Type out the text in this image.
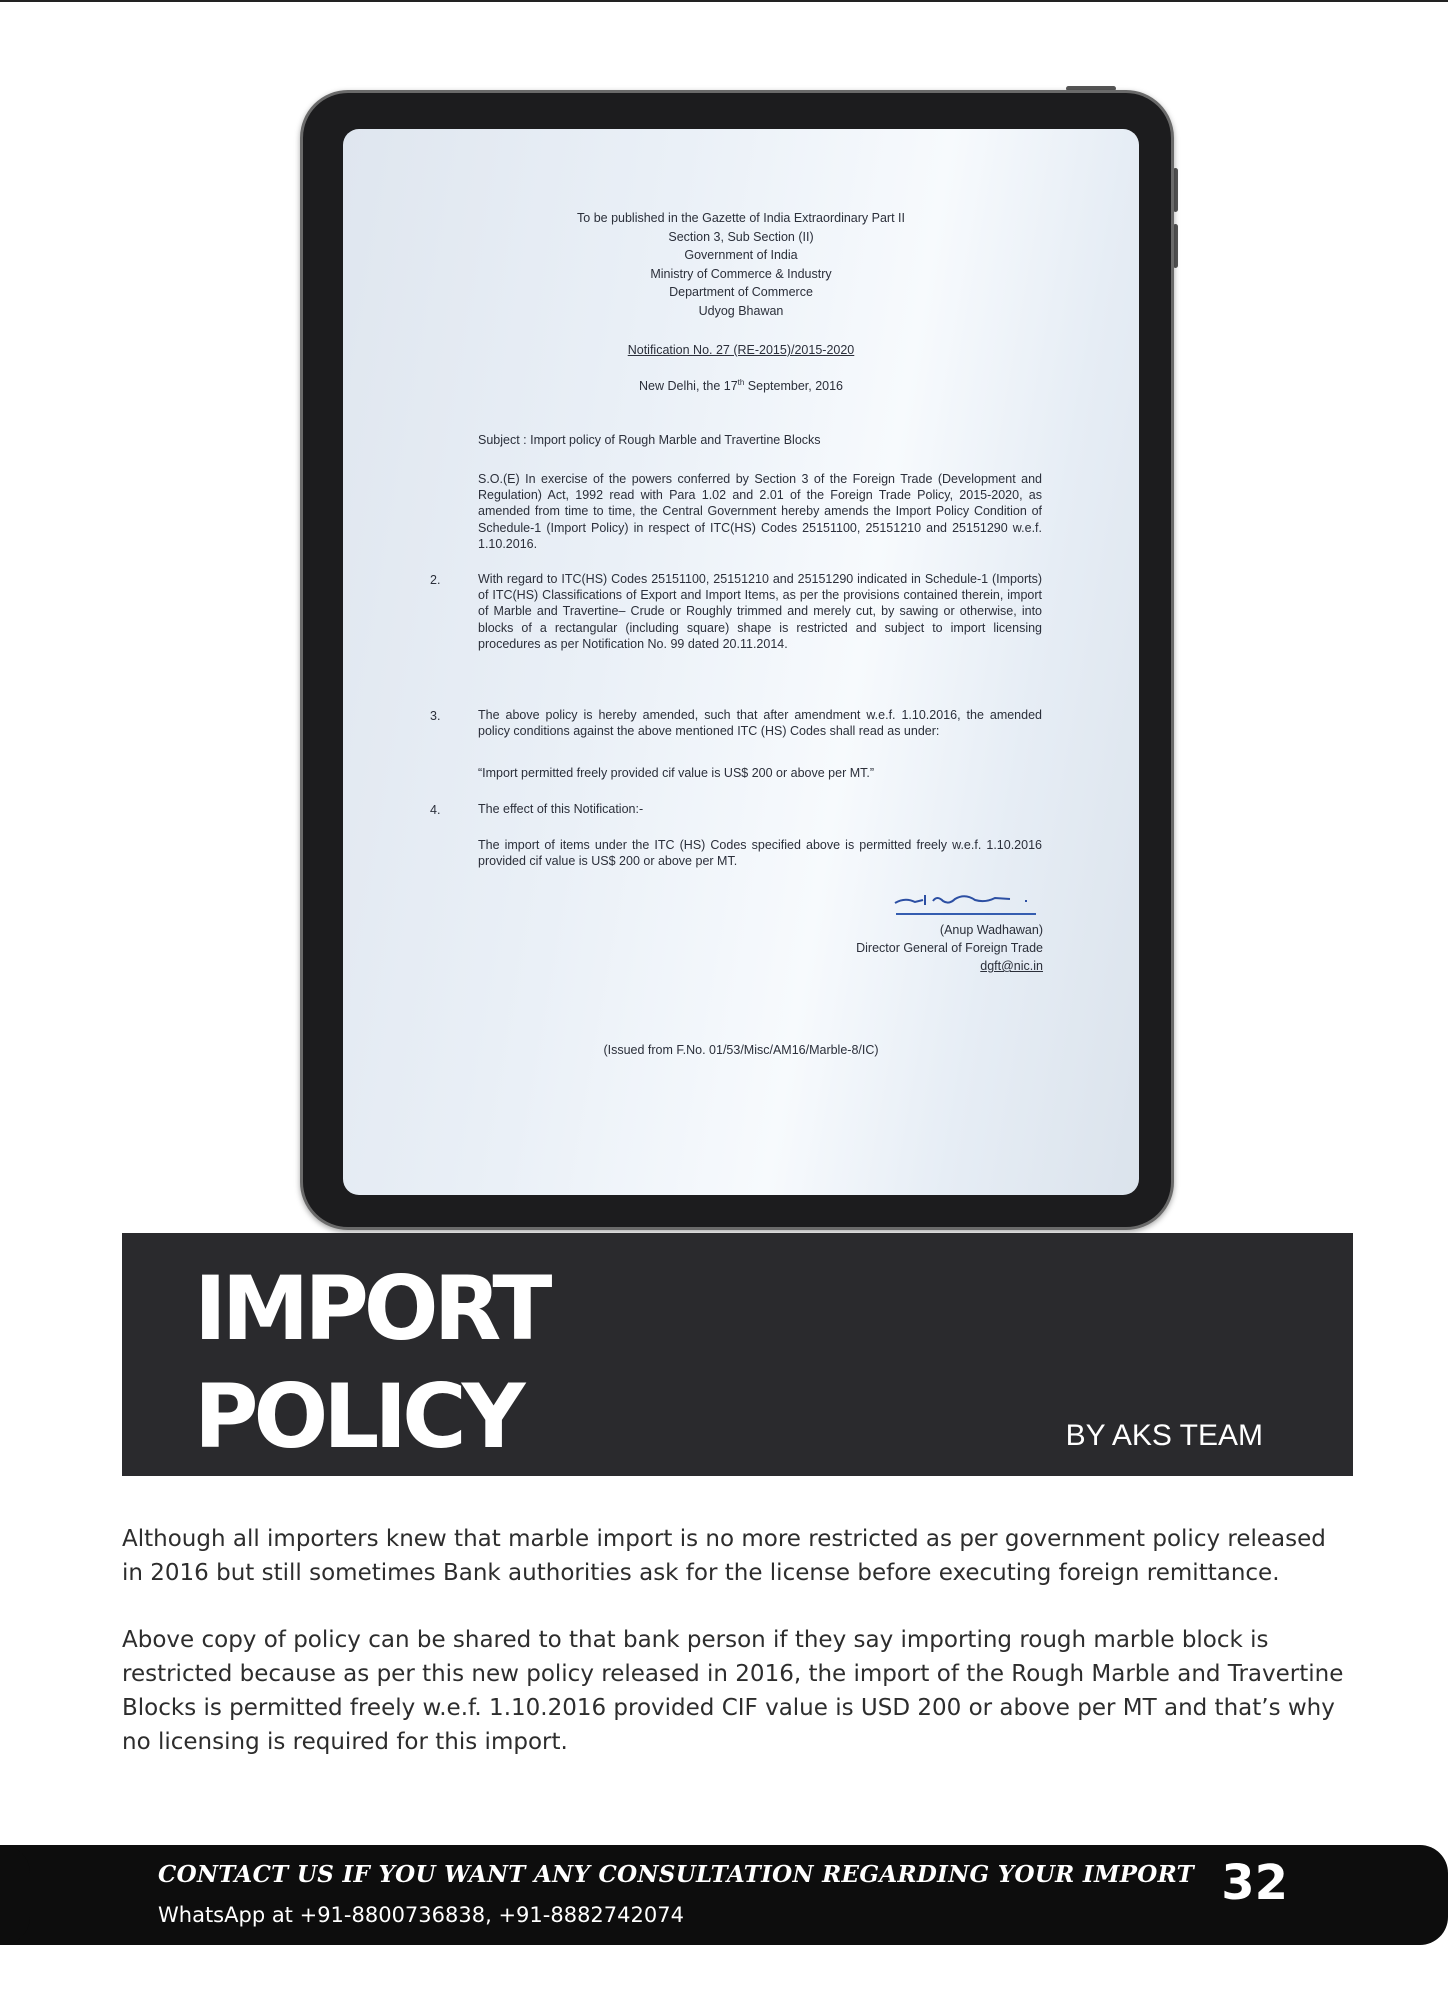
To be published in the Gazette of India Extraordinary Part II
Section 3, Sub Section (II)
Government of India
Ministry of Commerce & Industry
Department of Commerce
Udyog Bhawan
Notification No. 27 (RE-2015)/2015-2020
New Delhi, the 17th September, 2016
Subject : Import policy of Rough Marble and Travertine Blocks
S.O.(E) In exercise of the powers conferred by Section 3 of the Foreign Trade (Development and Regulation) Act, 1992 read with Para 1.02 and 2.01 of the Foreign Trade Policy, 2015-2020, as amended from time to time, the Central Government hereby amends the Import Policy Condition of Schedule-1 (Import Policy) in respect of ITC(HS) Codes 25151100, 25151210 and 25151290 w.e.f. 1.10.2016.
2.	With regard to ITC(HS) Codes 25151100, 25151210 and 25151290 indicated in Schedule-1 (Imports) of ITC(HS) Classifications of Export and Import Items, as per the provisions contained therein, import of Marble and Travertine– Crude or Roughly trimmed and merely cut, by sawing or otherwise, into blocks of a rectangular (including square) shape is restricted and subject to import licensing procedures as per Notification No. 99 dated 20.11.2014.
3.	The above policy is hereby amended, such that after amendment w.e.f. 1.10.2016, the amended policy conditions against the above mentioned ITC (HS) Codes shall read as under:
“Import permitted freely provided cif value is US$ 200 or above per MT.”
4.	The effect of this Notification:-
The import of items under the ITC (HS) Codes specified above is permitted freely w.e.f. 1.10.2016 provided cif value is US$ 200 or above per MT.
(Anup Wadhawan)
Director General of Foreign Trade
dgft@nic.in
(Issued from F.No. 01/53/Misc/AM16/Marble-8/IC)
IMPORT
POLICY	BY AKS TEAM
Although all importers knew that marble import is no more restricted as per government policy released in 2016 but still sometimes Bank authorities ask for the license before executing foreign remittance.
Above copy of policy can be shared to that bank person if they say importing rough marble block is restricted because as per this new policy released in 2016, the import of the Rough Marble and Travertine Blocks is permitted freely w.e.f. 1.10.2016 provided CIF value is USD 200 or above per MT and that’s why no licensing is required for this import.
CONTACT US IF YOU WANT ANY CONSULTATION REGARDING YOUR IMPORT
WhatsApp at +91-8800736838, +91-8882742074
32
